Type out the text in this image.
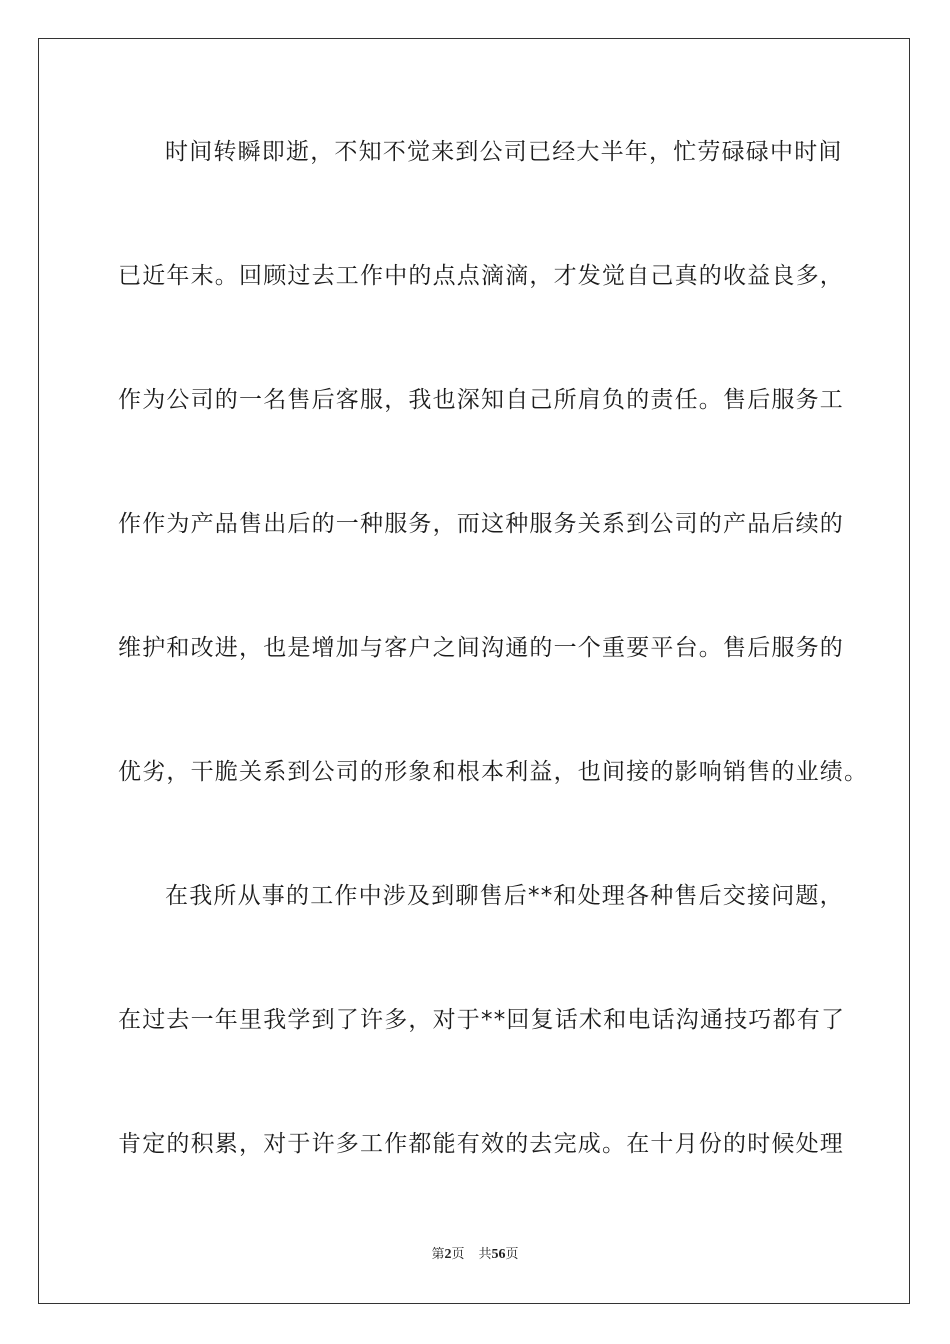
时间转瞬即逝，不知不觉来到公司已经大半年，忙劳碌碌中时间
已近年末。回顾过去工作中的点点滴滴，才发觉自己真的收益良多，
作为公司的一名售后客服，我也深知自己所肩负的责任。售后服务工
作作为产品售出后的一种服务，而这种服务关系到公司的产品后续的
维护和改进，也是增加与客户之间沟通的一个重要平台。售后服务的
优劣，干脆关系到公司的形象和根本利益，也间接的影响销售的业绩。
在我所从事的工作中涉及到聊售后**和处理各种售后交接问题，
在过去一年里我学到了许多，对于**回复话术和电话沟通技巧都有了
肯定的积累，对于许多工作都能有效的去完成。在十月份的时候处理
第2页 共56页
